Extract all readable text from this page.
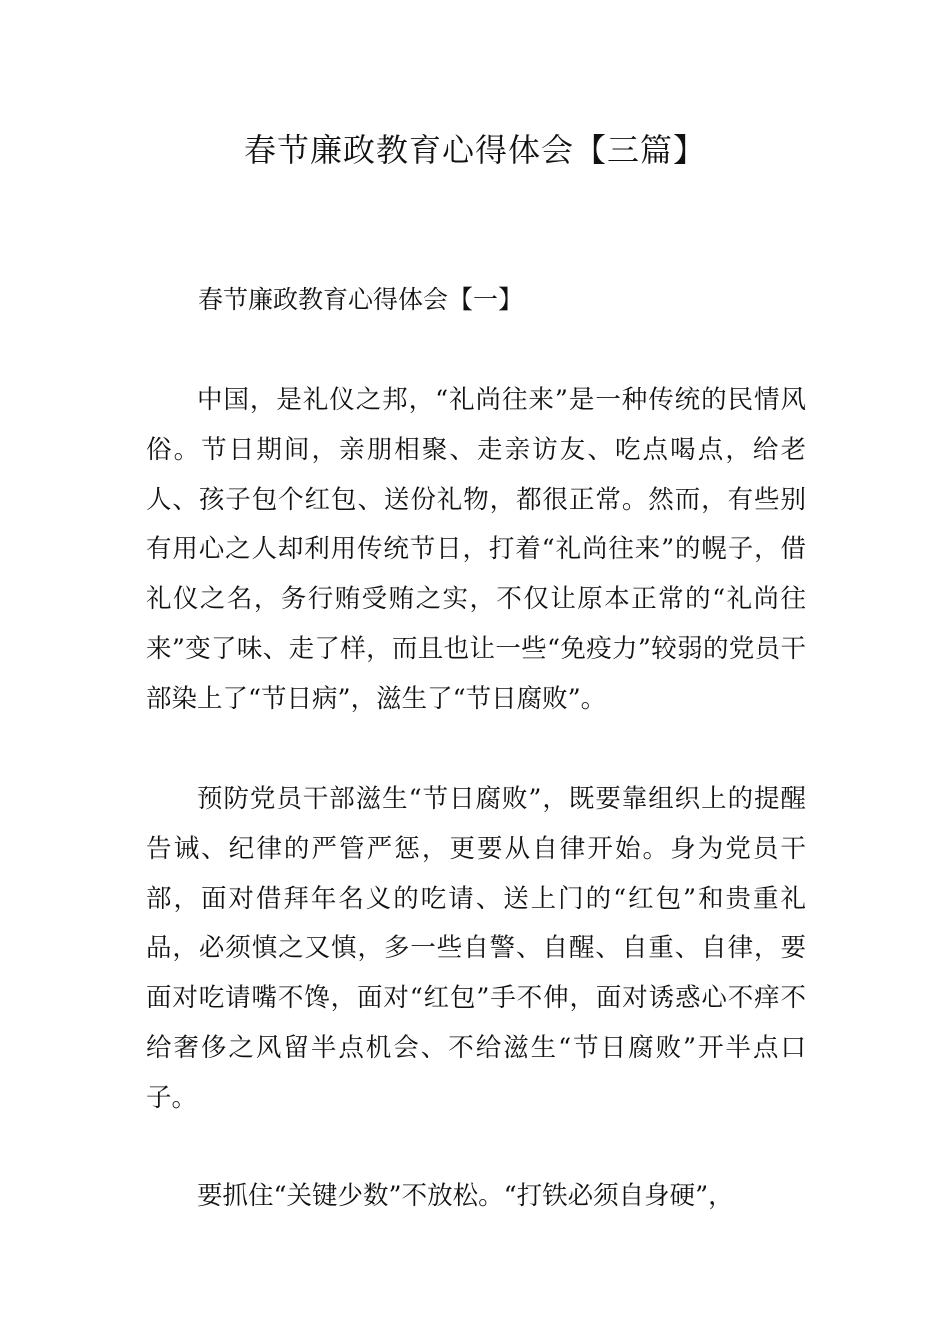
春节廉政教育心得体会【三篇】
春节廉政教育心得体会【一】

中国，是礼仪之邦，“礼尚往来”是一种传统的民情风俗。节日期间，亲朋相聚、走亲访友、吃点喝点，给老人、孩子包个红包、送份礼物，都很正常。然而，有些别有用心之人却利用传统节日，打着“礼尚往来”的幌子，借礼仪之名，务行贿受贿之实，不仅让原本正常的“礼尚往来”变了味、走了样，而且也让一些“免疫力”较弱的党员干部染上了“节日病”，滋生了“节日腐败”。

预防党员干部滋生“节日腐败”，既要靠组织上的提醒告诫、纪律的严管严惩，更要从自律开始。身为党员干部，面对借拜年名义的吃请、送上门的“红包”和贵重礼品，必须慎之又慎，多一些自警、自醒、自重、自律，要面对吃请嘴不馋，面对“红包”手不伸，面对诱惑心不痒不给奢侈之风留半点机会、不给滋生“节日腐败”开半点口子。

要抓住“关键少数”不放松。“打铁必须自身硬”，
